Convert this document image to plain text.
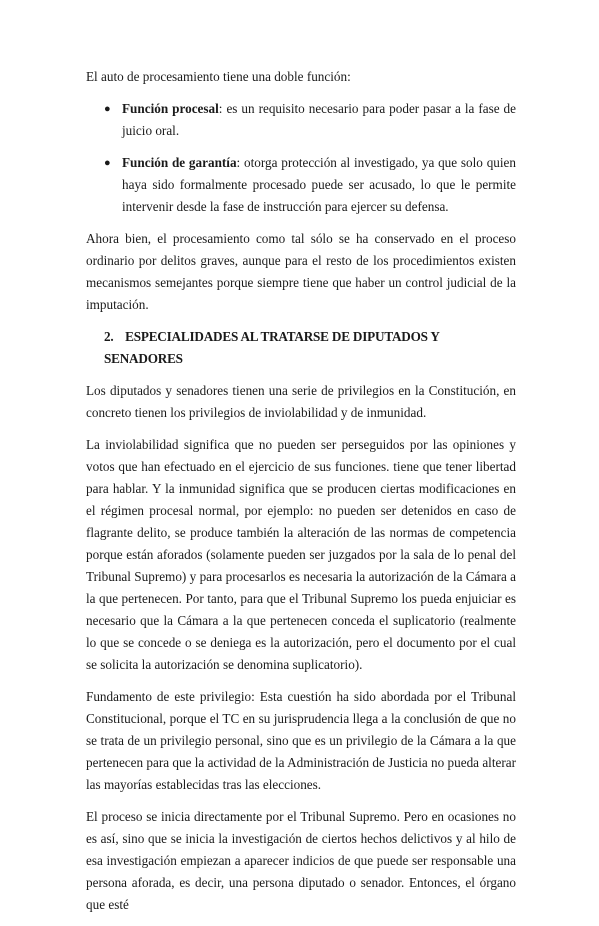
El auto de procesamiento tiene una doble función:

● Función procesal: es un requisito necesario para poder pasar a la fase de juicio oral.
● Función de garantía: otorga protección al investigado, ya que solo quien haya sido formalmente procesado puede ser acusado, lo que le permite intervenir desde la fase de instrucción para ejercer su defensa.

Ahora bien, el procesamiento como tal sólo se ha conservado en el proceso ordinario por delitos graves, aunque para el resto de los procedimientos existen mecanismos semejantes porque siempre tiene que haber un control judicial de la imputación.

2. ESPECIALIDADES AL TRATARSE DE DIPUTADOS Y SENADORES

Los diputados y senadores tienen una serie de privilegios en la Constitución, en concreto tienen los privilegios de inviolabilidad y de inmunidad.

La inviolabilidad significa que no pueden ser perseguidos por las opiniones y votos que han efectuado en el ejercicio de sus funciones. tiene que tener libertad para hablar. Y la inmunidad significa que se producen ciertas modificaciones en el régimen procesal normal, por ejemplo: no pueden ser detenidos en caso de flagrante delito, se produce también la alteración de las normas de competencia porque están aforados (solamente pueden ser juzgados por la sala de lo penal del Tribunal Supremo) y para procesarlos es necesaria la autorización de la Cámara a la que pertenecen. Por tanto, para que el Tribunal Supremo los pueda enjuiciar es necesario que la Cámara a la que pertenecen conceda el suplicatorio (realmente lo que se concede o se deniega es la autorización, pero el documento por el cual se solicita la autorización se denomina suplicatorio).

Fundamento de este privilegio: Esta cuestión ha sido abordada por el Tribunal Constitucional, porque el TC en su jurisprudencia llega a la conclusión de que no se trata de un privilegio personal, sino que es un privilegio de la Cámara a la que pertenecen para que la actividad de la Administración de Justicia no pueda alterar las mayorías establecidas tras las elecciones.

El proceso se inicia directamente por el Tribunal Supremo. Pero en ocasiones no es así, sino que se inicia la investigación de ciertos hechos delictivos y al hilo de esa investigación empiezan a aparecer indicios de que puede ser responsable una persona aforada, es decir, una persona diputado o senador. Entonces, el órgano que esté
